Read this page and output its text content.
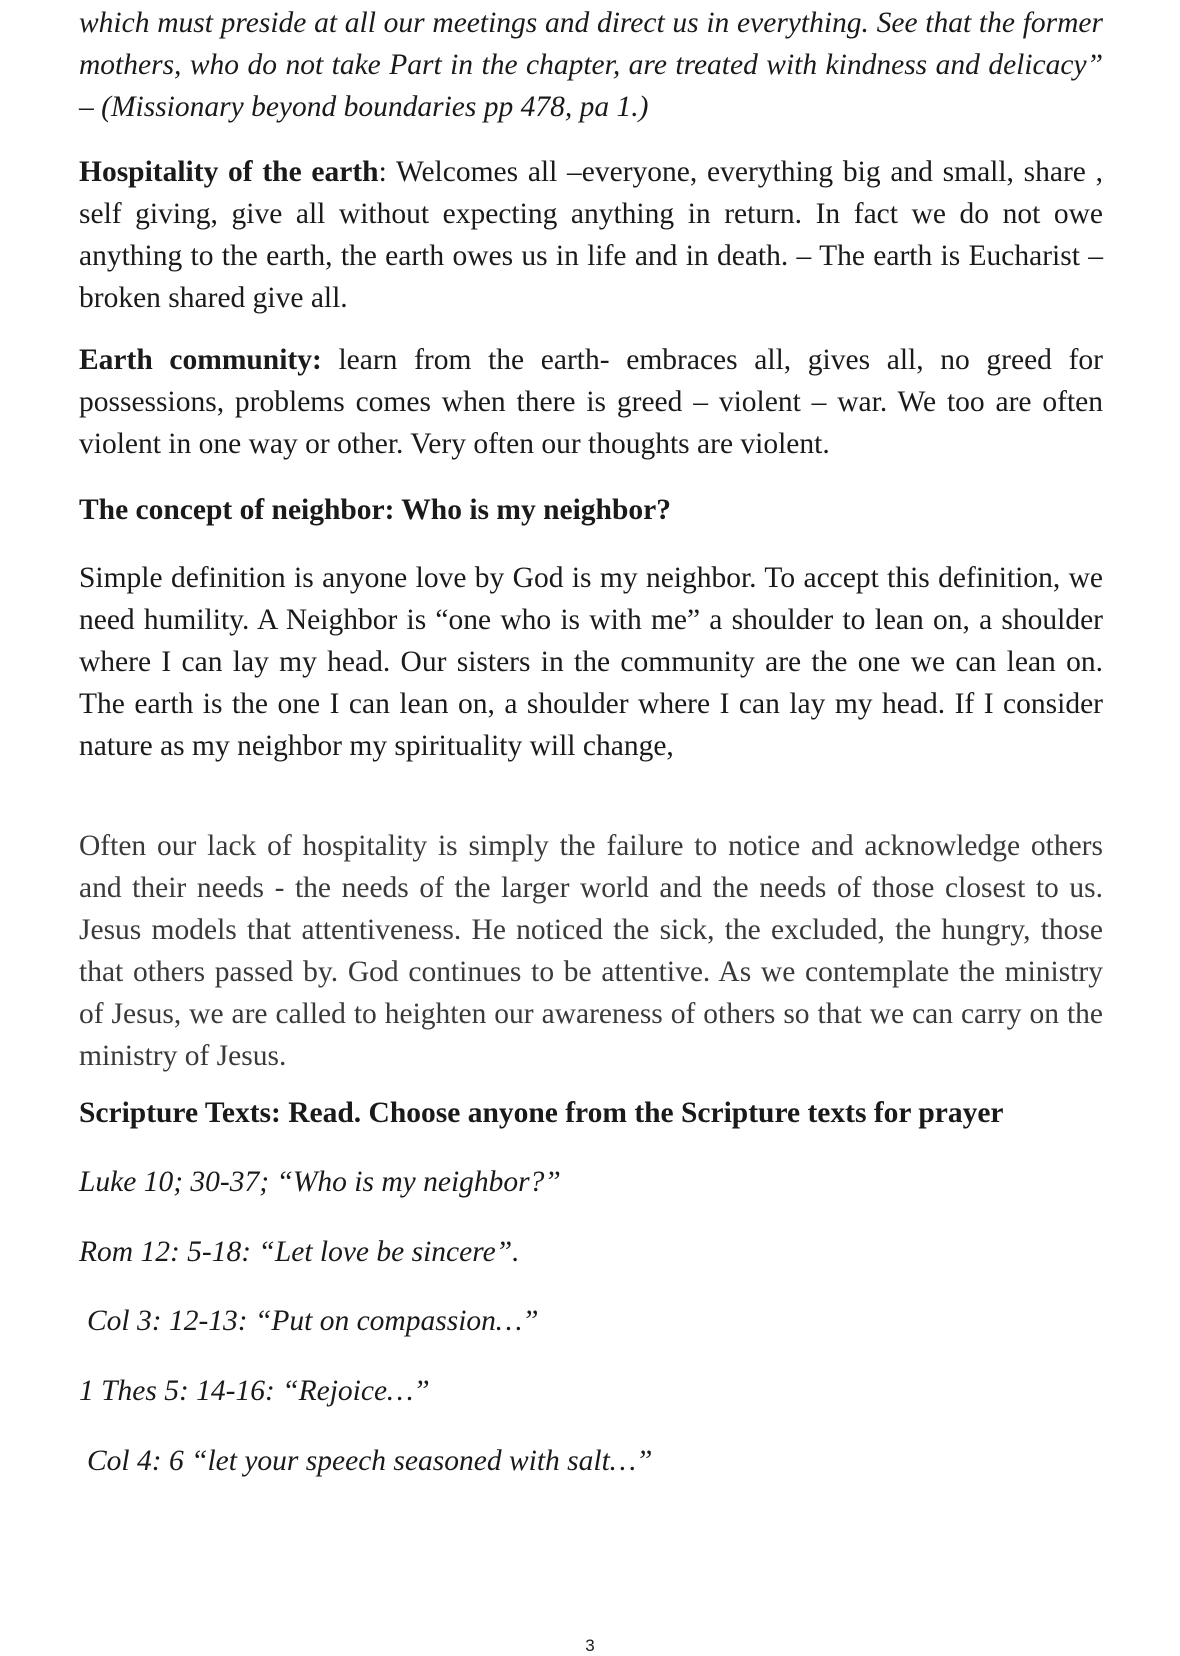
which must preside at all our meetings and direct us in everything. See that the former mothers, who do not take Part in the chapter, are treated with kindness and delicacy” – (Missionary beyond boundaries pp 478, pa 1.)

Hospitality of the earth: Welcomes all –everyone, everything big and small, share , self giving, give all without expecting anything in return. In fact we do not owe anything to the earth, the earth owes us in life and in death. – The earth is Eucharist – broken shared give all.

Earth community: learn from the earth- embraces all, gives all, no greed for possessions, problems comes when there is greed – violent – war. We too are often violent in one way or other. Very often our thoughts are violent.

The concept of neighbor: Who is my neighbor?

Simple definition is anyone love by God is my neighbor. To accept this definition, we need humility. A Neighbor is “one who is with me” a shoulder to lean on, a shoulder where I can lay my head. Our sisters in the community are the one we can lean on. The earth is the one I can lean on, a shoulder where I can lay my head. If I consider nature as my neighbor my spirituality will change,

Often our lack of hospitality is simply the failure to notice and acknowledge others and their needs - the needs of the larger world and the needs of those closest to us. Jesus models that attentiveness. He noticed the sick, the excluded, the hungry, those that others passed by. God continues to be attentive. As we contemplate the ministry of Jesus, we are called to heighten our awareness of others so that we can carry on the ministry of Jesus.

Scripture Texts: Read. Choose anyone from the Scripture texts for prayer

Luke 10; 30-37; “Who is my neighbor?”

Rom 12: 5-18: “Let love be sincere”.

Col 3: 12-13: “Put on compassion…”

1 Thes 5: 14-16: “Rejoice…”

Col 4: 6 “let your speech seasoned with salt…”

3
